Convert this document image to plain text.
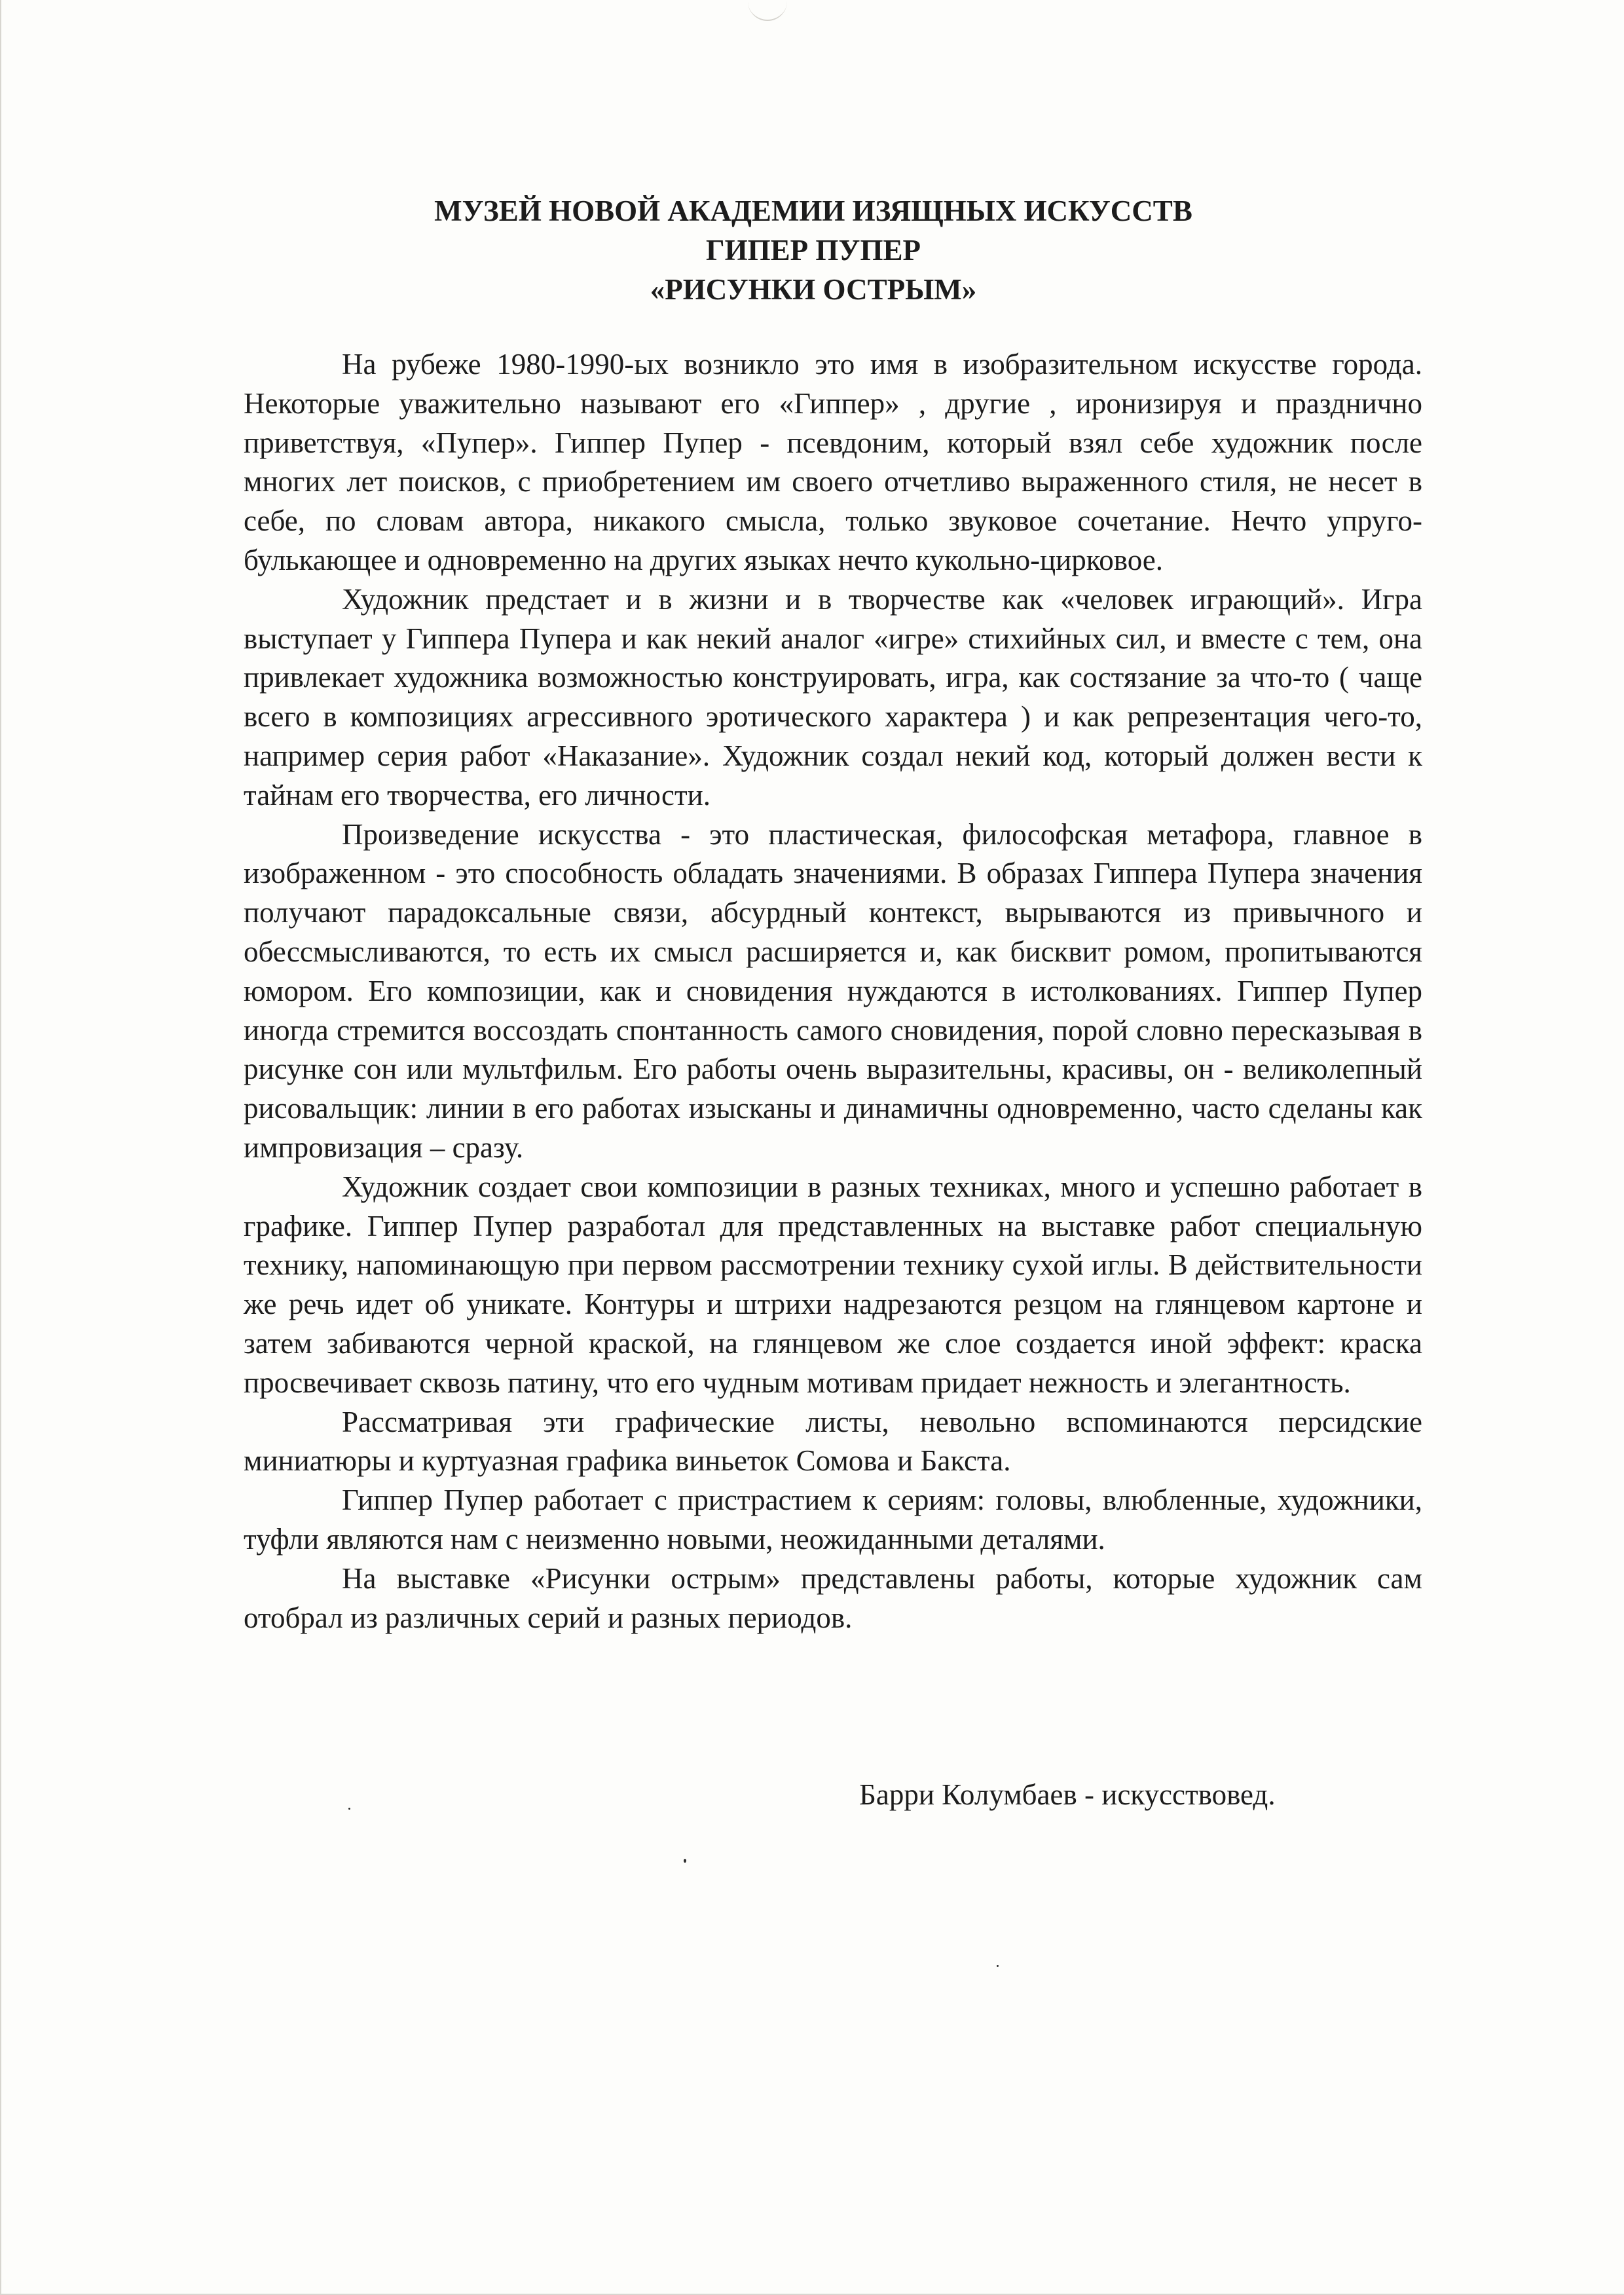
МУЗЕЙ НОВОЙ АКАДЕМИИ ИЗЯЩНЫХ ИСКУССТВ
ГИПЕР ПУПЕР
«РИСУНКИ ОСТРЫМ»

На рубеже 1980-1990-ых возникло это имя в изобразительном искусстве города. Некоторые уважительно называют его «Гиппер» , другие , иронизируя и празднично приветствуя, «Пупер». Гиппер Пупер - псевдоним, который взял себе художник после многих лет поисков, с приобретением им своего отчетливо выраженного стиля, не несет в себе, по словам автора, никакого смысла, только звуковое сочетание. Нечто упруго-булькающее и одновременно на других языках нечто кукольно-цирковое.

Художник предстает и в жизни и в творчестве как «человек играющий». Игра выступает у Гиппера Пупера и как некий аналог «игре» стихийных сил, и вместе с тем, она привлекает художника возможностью конструировать, игра, как состязание за что-то ( чаще всего в композициях агрессивного эротического характера ) и как репрезентация чего-то, например серия работ «Наказание». Художник создал некий код, который должен вести к тайнам его творчества, его личности.

Произведение искусства - это пластическая, философская метафора, главное в изображенном - это способность обладать значениями. В образах Гиппера Пупера значения получают парадоксальные связи, абсурдный контекст, вырываются из привычного и обессмысливаются, то есть их смысл расширяется и, как бисквит ромом, пропитываются юмором. Его композиции, как и сновидения нуждаются в истолкованиях. Гиппер Пупер иногда стремится воссоздать спонтанность самого сновидения, порой словно пересказывая в рисунке сон или мультфильм. Его работы очень выразительны, красивы, он - великолепный рисовальщик: линии в его работах изысканы и динамичны одновременно, часто сделаны как импровизация – сразу.

Художник создает свои композиции в разных техниках, много и успешно работает в графике. Гиппер Пупер разработал для представленных на выставке работ специальную технику, напоминающую при первом рассмотрении технику сухой иглы. В действительности же речь идет об уникате. Контуры и штрихи надрезаются резцом на глянцевом картоне и затем забиваются черной краской, на глянцевом же слое создается иной эффект: краска просвечивает сквозь патину, что его чудным мотивам придает нежность и элегантность.

Рассматривая эти графические листы, невольно вспоминаются персидские миниатюры и куртуазная графика виньеток Сомова и Бакста.

Гиппер Пупер работает с пристрастием к сериям: головы, влюбленные, художники, туфли являются нам с неизменно новыми, неожиданными деталями.

На выставке «Рисунки острым» представлены работы, которые художник сам отобрал из различных серий и разных периодов.

Барри Колумбаев - искусствовед.
